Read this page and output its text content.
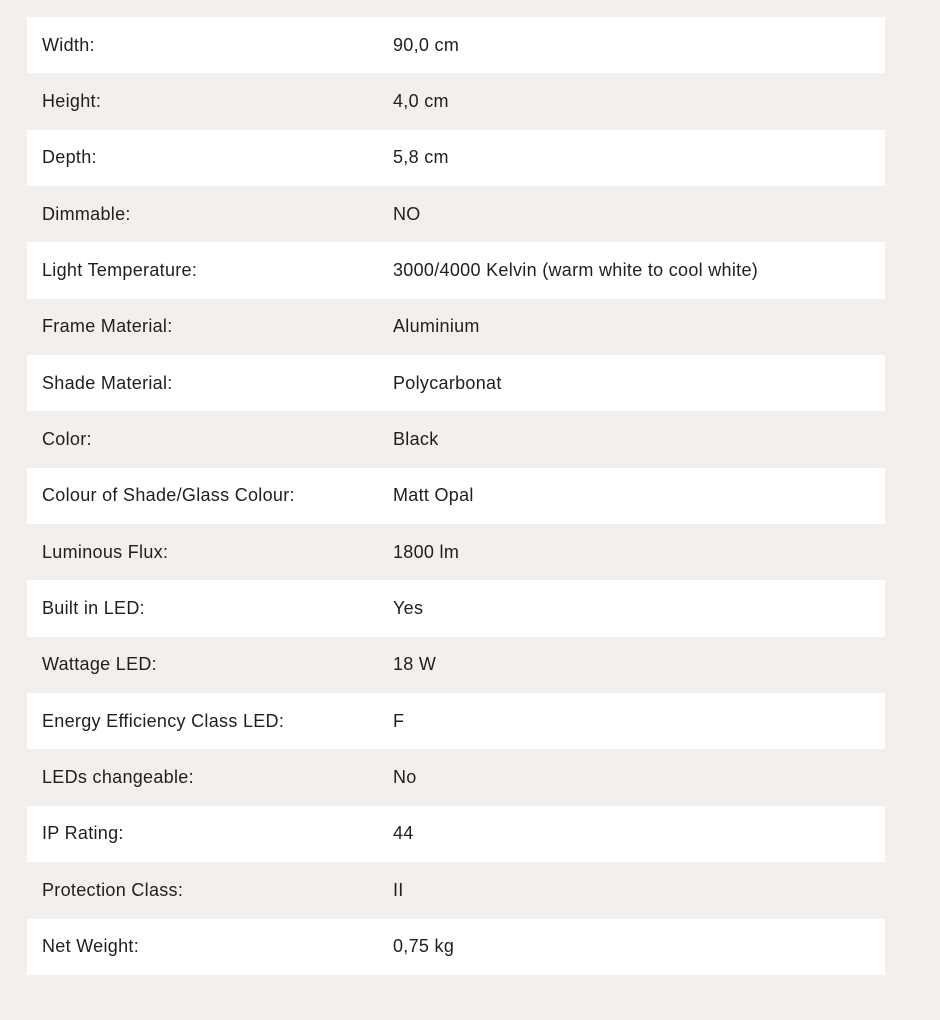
Width:	90,0 cm
Height:	4,0 cm
Depth:	5,8 cm
Dimmable:	NO
Light Temperature:	3000/4000 Kelvin (warm white to cool white)
Frame Material:	Aluminium
Shade Material:	Polycarbonat
Color:	Black
Colour of Shade/Glass Colour:	Matt Opal
Luminous Flux:	1800 lm
Built in LED:	Yes
Wattage LED:	18 W
Energy Efficiency Class LED:	F
LEDs changeable:	No
IP Rating:	44
Protection Class:	II
Net Weight:	0,75 kg
